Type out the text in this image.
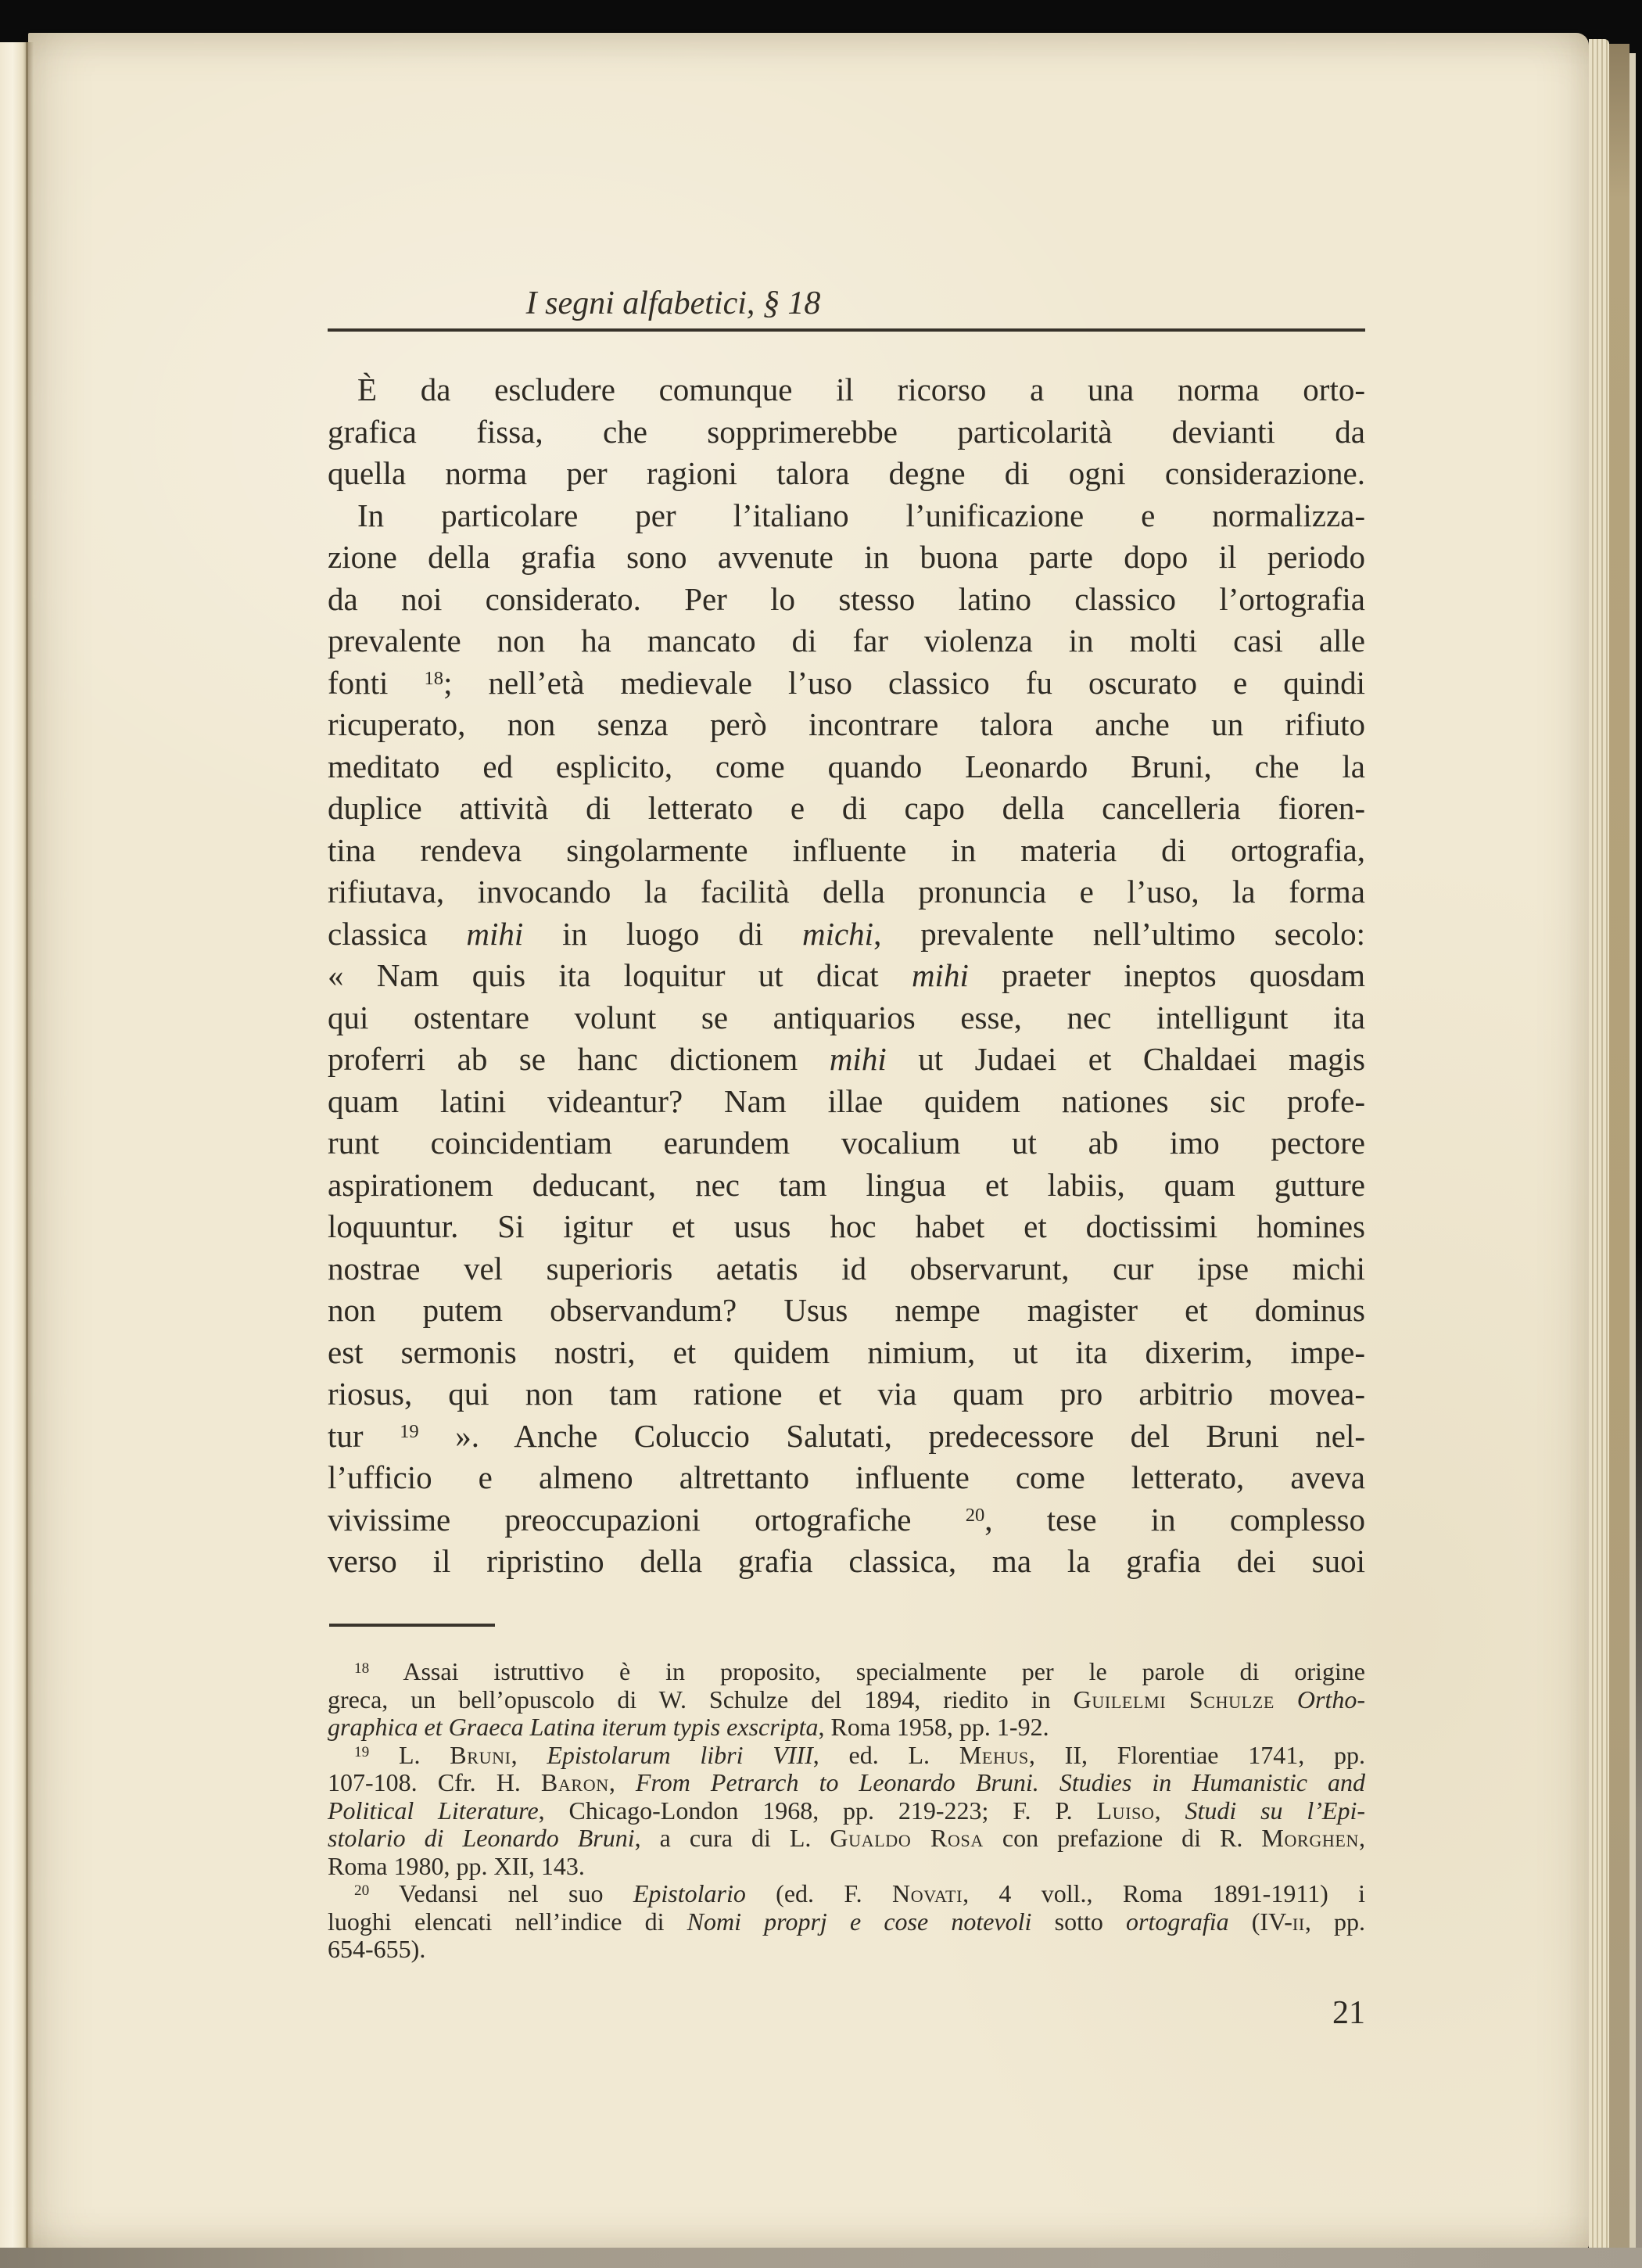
I segni alfabetici, § 18
È da escludere comunque il ricorso a una norma orto-
grafica fissa, che sopprimerebbe particolarità devianti da
quella norma per ragioni talora degne di ogni considerazione.
In particolare per l’italiano l’unificazione e normalizza-
zione della grafia sono avvenute in buona parte dopo il periodo
da noi considerato. Per lo stesso latino classico l’ortografia
prevalente non ha mancato di far violenza in molti casi alle
fonti $^{18}$; nell’età medievale l’uso classico fu oscurato e quindi
ricuperato, non senza però incontrare talora anche un rifiuto
meditato ed esplicito, come quando Leonardo Bruni, che la
duplice attività di letterato e di capo della cancelleria fioren-
tina rendeva singolarmente influente in materia di ortografia,
rifiutava, invocando la facilità della pronuncia e l’uso, la forma
classica mihi in luogo di michi, prevalente nell’ultimo secolo:
« Nam quis ita loquitur ut dicat mihi praeter ineptos quosdam
qui ostentare volunt se antiquarios esse, nec intelligunt ita
proferri ab se hanc dictionem mihi ut Judaei et Chaldaei magis
quam latini videantur? Nam illae quidem nationes sic profe-
runt coincidentiam earundem vocalium ut ab imo pectore
aspirationem deducant, nec tam lingua et labiis, quam gutture
loquuntur. Si igitur et usus hoc habet et doctissimi homines
nostrae vel superioris aetatis id observarunt, cur ipse michi
non putem observandum? Usus nempe magister et dominus
est sermonis nostri, et quidem nimium, ut ita dixerim, impe-
riosus, qui non tam ratione et via quam pro arbitrio movea-
tur $^{19}$ ». Anche Coluccio Salutati, predecessore del Bruni nel-
l’ufficio e almeno altrettanto influente come letterato, aveva
vivissime preoccupazioni ortografiche $^{20}$, tese in complesso
verso il ripristino della grafia classica, ma la grafia dei suoi
$^{18}$ Assai istruttivo è in proposito, specialmente per le parole di origine
greca, un bell’opuscolo di W. Schulze del 1894, riedito in Guilelmi Schulze Ortho-
graphica et Graeca Latina iterum typis exscripta, Roma 1958, pp. 1-92.
$^{19}$ L. Bruni, Epistolarum libri VIII, ed. L. Mehus, II, Florentiae 1741, pp.
107-108. Cfr. H. Baron, From Petrarch to Leonardo Bruni. Studies in Humanistic and
Political Literature, Chicago-London 1968, pp. 219-223; F. P. Luiso, Studi su l’Epi-
stolario di Leonardo Bruni, a cura di L. Gualdo Rosa con prefazione di R. Morghen,
Roma 1980, pp. XII, 143.
$^{20}$ Vedansi nel suo Epistolario (ed. F. Novati, 4 voll., Roma 1891-1911) i
luoghi elencati nell’indice di Nomi proprj e cose notevoli sotto ortografia (IV-ii, pp.
654-655).
21
